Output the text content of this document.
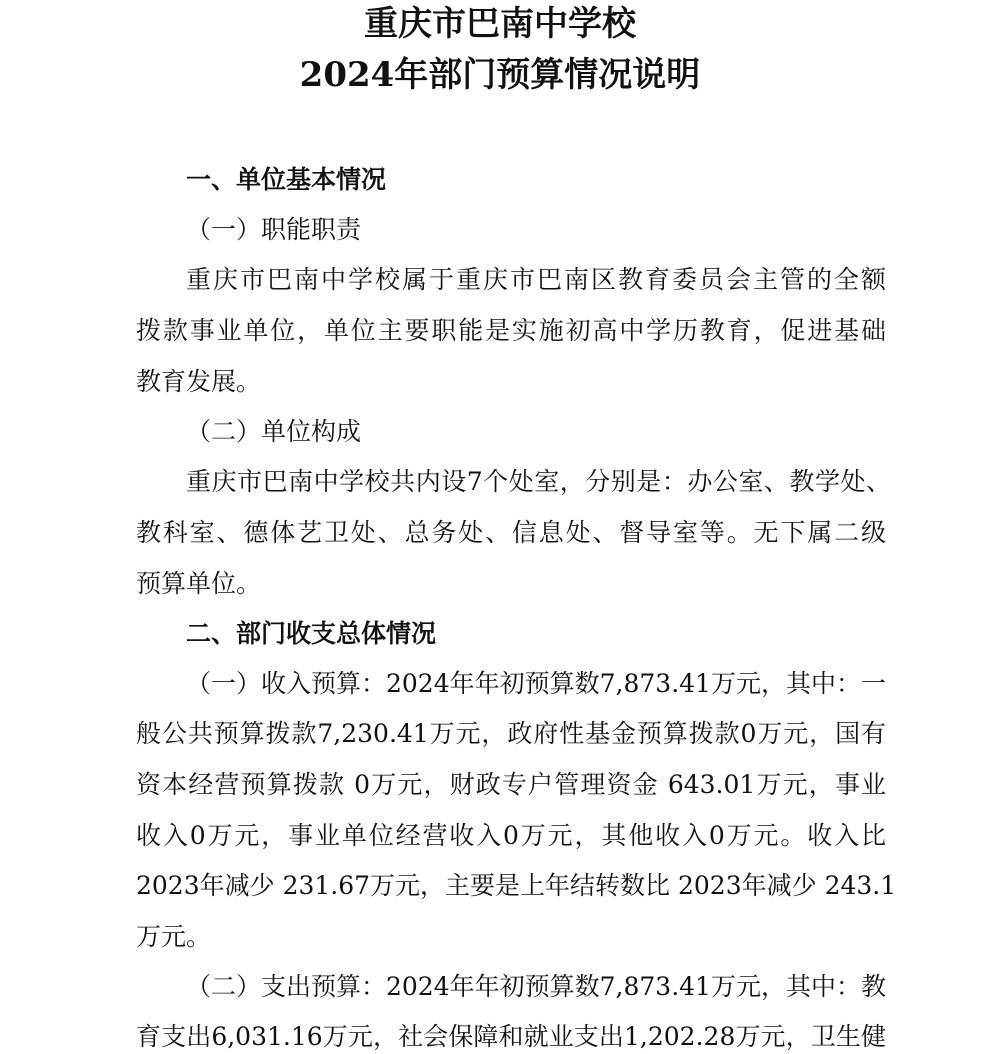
重庆市巴南中学校
2024年部门预算情况说明

一、单位基本情况

（一）职能职责

重庆市巴南中学校属于重庆市巴南区教育委员会主管的全额

拨款事业单位，单位主要职能是实施初高中学历教育，促进基础

教育发展。

（二）单位构成

重庆市巴南中学校共内设7个处室，分别是：办公室、教学处、

教科室、德体艺卫处、总务处、信息处、督导室等。无下属二级

预算单位。

二、部门收支总体情况

（一）收入预算：2024年年初预算数7,873.41万元，其中：一

般公共预算拨款7,230.41万元，政府性基金预算拨款0万元，国有

资本经营预算拨款 0万元，财政专户管理资金 643.01万元，事业

收入0万元，事业单位经营收入0万元，其他收入0万元。收入比

2023年减少 231.67万元，主要是上年结转数比 2023年减少 243.1

万元。

（二）支出预算：2024年年初预算数7,873.41万元，其中：教

育支出6,031.16万元，社会保障和就业支出1,202.28万元，卫生健
